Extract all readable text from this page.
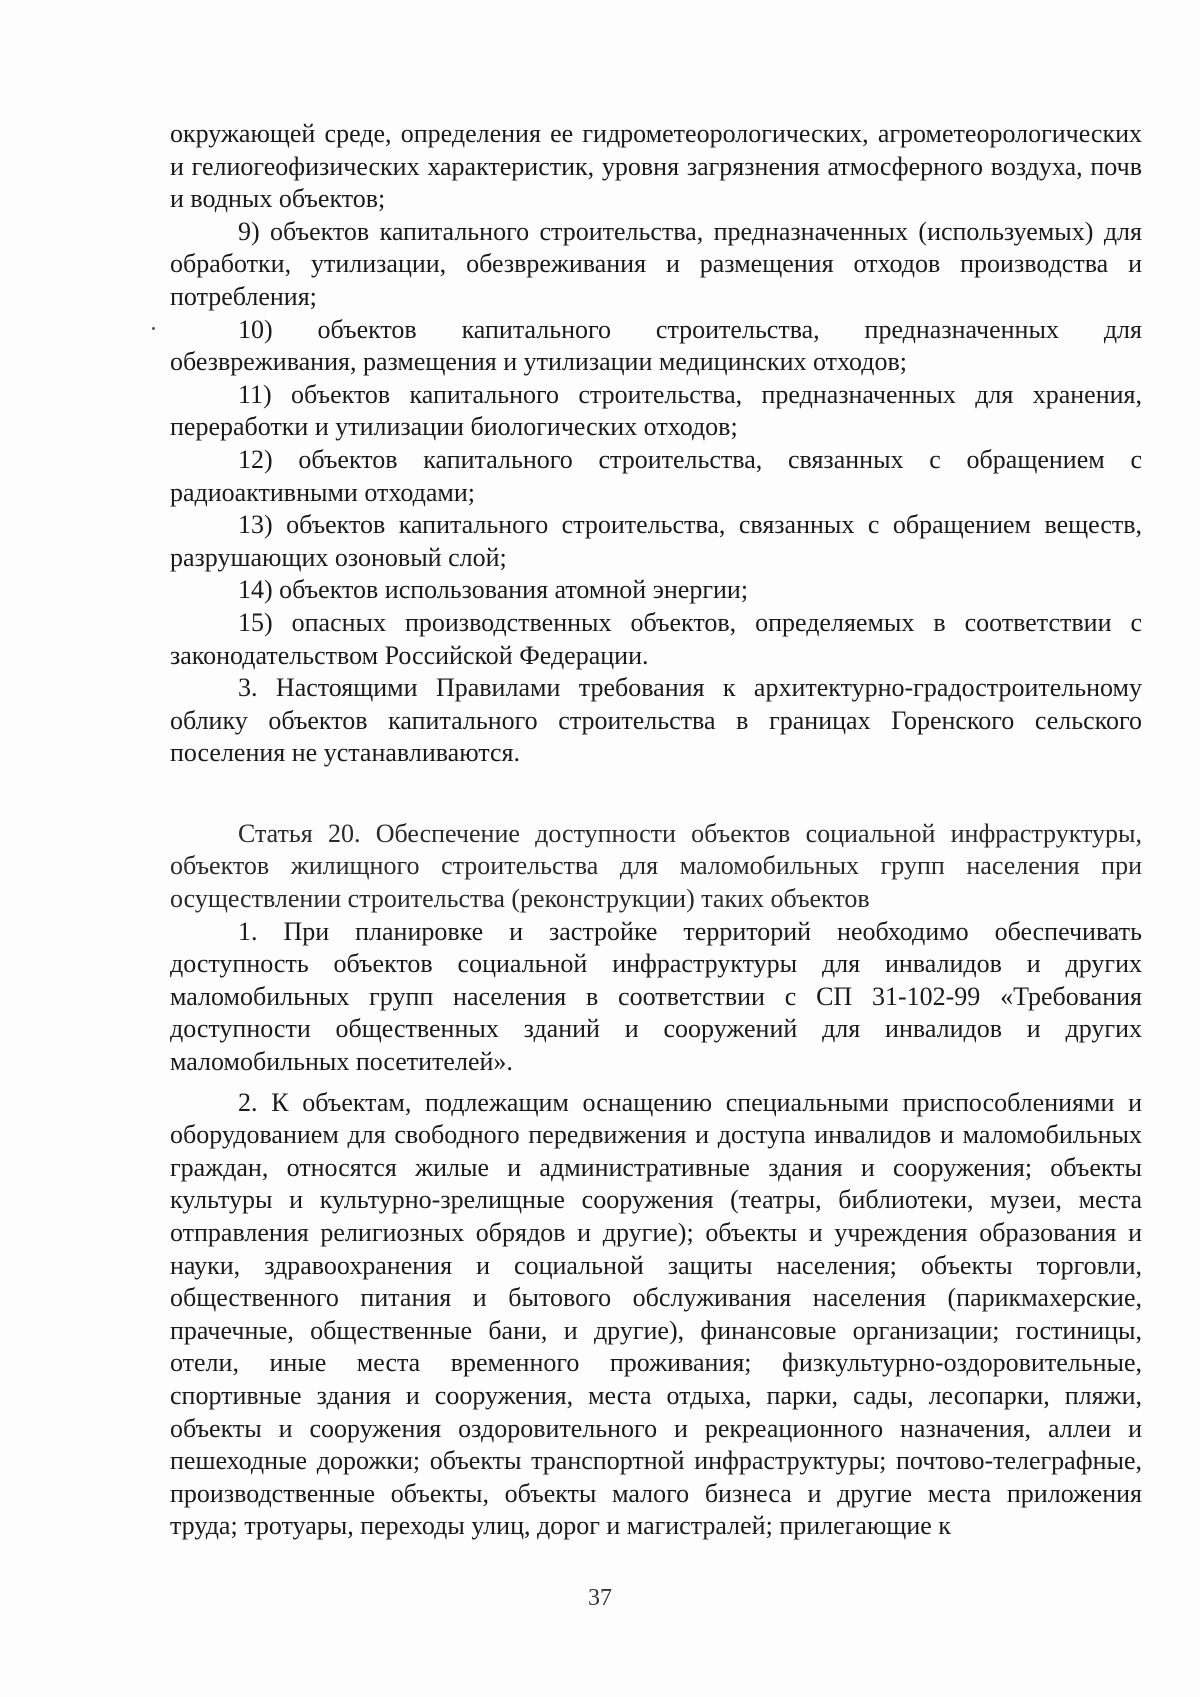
окружающей среде, определения ее гидрометеорологических, агрометеорологических и гелиогеофизических характеристик, уровня загрязнения атмосферного воздуха, почв и водных объектов;

9) объектов капитального строительства, предназначенных (используемых) для обработки, утилизации, обезвреживания и размещения отходов производства и потребления;

10) объектов капитального строительства, предназначенных для обезвреживания, размещения и утилизации медицинских отходов;

11) объектов капитального строительства, предназначенных для хранения, переработки и утилизации биологических отходов;

12) объектов капитального строительства, связанных с обращением с радиоактивными отходами;

13) объектов капитального строительства, связанных с обращением веществ, разрушающих озоновый слой;

14) объектов использования атомной энергии;

15) опасных производственных объектов, определяемых в соответствии с законодательством Российской Федерации.

3. Настоящими Правилами требования к архитектурно-градостроительному облику объектов капитального строительства в границах Горенского сельского поселения не устанавливаются.

Статья 20. Обеспечение доступности объектов социальной инфраструктуры, объектов жилищного строительства для маломобильных групп населения при осуществлении строительства (реконструкции) таких объектов

1. При планировке и застройке территорий необходимо обеспечивать доступность объектов социальной инфраструктуры для инвалидов и других маломобильных групп населения в соответствии с СП 31-102-99 «Требования доступности общественных зданий и сооружений для инвалидов и других маломобильных посетителей».

2. К объектам, подлежащим оснащению специальными приспособлениями и оборудованием для свободного передвижения и доступа инвалидов и маломобильных граждан, относятся жилые и административные здания и сооружения; объекты культуры и культурно-зрелищные сооружения (театры, библиотеки, музеи, места отправления религиозных обрядов и другие); объекты и учреждения образования и науки, здравоохранения и социальной защиты населения; объекты торговли, общественного питания и бытового обслуживания населения (парикмахерские, прачечные, общественные бани, и другие), финансовые организации; гостиницы, отели, иные места временного проживания; физкультурно-оздоровительные, спортивные здания и сооружения, места отдыха, парки, сады, лесопарки, пляжи, объекты и сооружения оздоровительного и рекреационного назначения, аллеи и пешеходные дорожки; объекты транспортной инфраструктуры; почтово-телеграфные, производственные объекты, объекты малого бизнеса и другие места приложения труда; тротуары, переходы улиц, дорог и магистралей; прилегающие к

37
